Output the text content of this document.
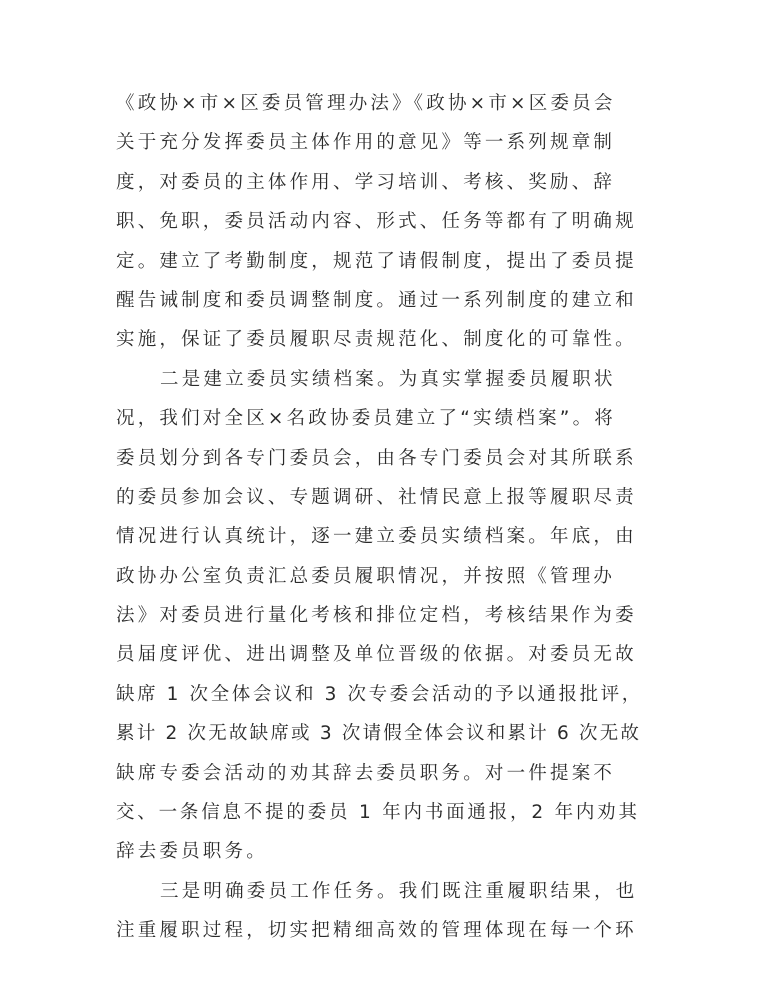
《政协×市×区委员管理办法》《政协×市×区委员会
关于充分发挥委员主体作用的意见》等一系列规章制
度，对委员的主体作用、学习培训、考核、奖励、辞
职、免职，委员活动内容、形式、任务等都有了明确规
定。建立了考勤制度，规范了请假制度，提出了委员提
醒告诫制度和委员调整制度。通过一系列制度的建立和
实施，保证了委员履职尽责规范化、制度化的可靠性。
二是建立委员实绩档案。为真实掌握委员履职状
况，我们对全区×名政协委员建立了“实绩档案”。将
委员划分到各专门委员会，由各专门委员会对其所联系
的委员参加会议、专题调研、社情民意上报等履职尽责
情况进行认真统计，逐一建立委员实绩档案。年底，由
政协办公室负责汇总委员履职情况，并按照《管理办
法》对委员进行量化考核和排位定档，考核结果作为委
员届度评优、进出调整及单位晋级的依据。对委员无故
缺席 1 次全体会议和 3 次专委会活动的予以通报批评，
累计 2 次无故缺席或 3 次请假全体会议和累计 6 次无故
缺席专委会活动的劝其辞去委员职务。对一件提案不
交、一条信息不提的委员 1 年内书面通报，2 年内劝其
辞去委员职务。
三是明确委员工作任务。我们既注重履职结果，也
注重履职过程，切实把精细高效的管理体现在每一个环
